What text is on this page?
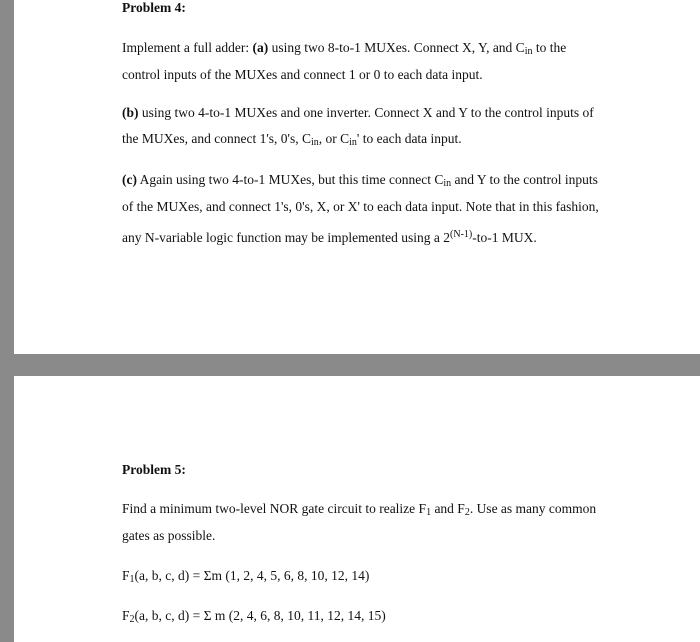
Problem 4:
Implement a full adder: (a) using two 8-to-1 MUXes. Connect X, Y, and $C_{in}$ to the
control inputs of the MUXes and connect 1 or 0 to each data input.
(b) using two 4-to-1 MUXes and one inverter. Connect X and Y to the control inputs of
the MUXes, and connect 1's, 0's, $C_{in}$, or $C_{in}'$ to each data input.
(c) Again using two 4-to-1 MUXes, but this time connect $C_{in}$ and Y to the control inputs
of the MUXes, and connect 1's, 0's, X, or X' to each data input. Note that in this fashion,
any N-variable logic function may be implemented using a $2^{(N-1)}-to-1$ MUX.
Problem 5:
Find a minimum two-level NOR gate circuit to realize $F_1$ and $F_2$. Use as many common
gates as possible.
$F_1(a$, b, c, d) = Σm (1, 2, 4, 5, 6, 8, 10, 12, 14)
$F_2(a$, b, c, d) = Σ m (2, 4, 6, 8, 10, 11, 12, 14, 15)
